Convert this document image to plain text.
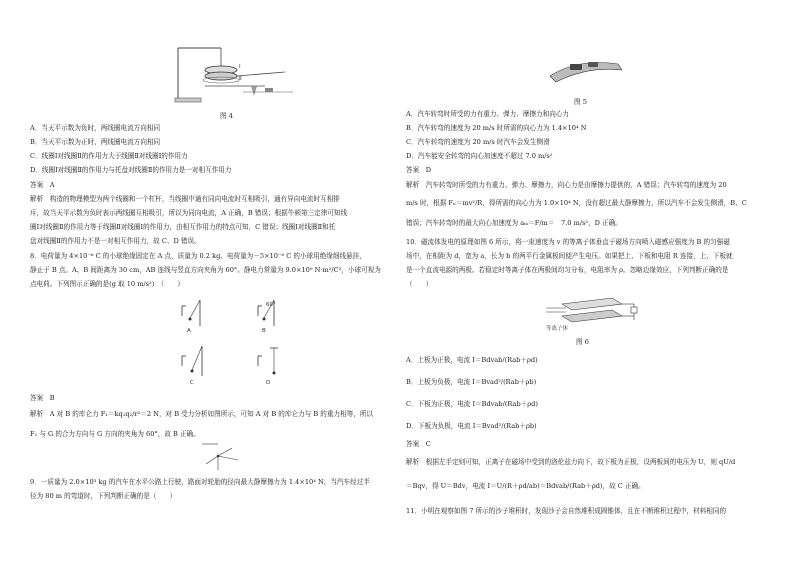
Ⅰ
Ⅱ
图 4
A．当天平示数为负时，两线圈电流方向相同
B．当天平示数为正时，两线圈电流方向相同
C．线圈Ⅰ对线圈Ⅱ的作用力大于线圈Ⅱ对线圈Ⅰ的作用力
D．线圈Ⅰ对线圈Ⅱ的作用力与托盘对线圈Ⅱ的作用力是一对相互作用力
答案　A
解析　构造的物理模型为两个线圈和一个杠杆，当线圈中通有同向电流时互相吸引，通有异向电流时互相排
斥，故当天平示数为负时表示两线圈互相吸引，所以为同向电流，A 正确，B 错误；根据牛顿第三定律可知线
圈Ⅰ对线圈Ⅱ的作用力等于线圈Ⅱ对线圈Ⅰ的作用力，由相互作用力的特点可知，C 错误；线圈Ⅰ对线圈Ⅱ和托
盘对线圈Ⅱ的作用力不是一对相互作用力，故 C、D 错误。
8．电荷量为 4×10⁻⁶ C 的小球绝缘固定在 A 点，质量为 0.2 kg、电荷量为－5×10⁻⁶ C 的小球用绝缘细线悬挂，
静止于 B 点。A、B 间距离为 30 cm，AB 连线与竖直方向夹角为 60°。静电力常量为 9.0×10⁹ N·m²/C²，小球可视为
点电荷。下列图示正确的是(g 取 10 m/s²)　（　　）
A
60°
B
C	D
答案　B
解析　A 对 B 的库仑力 F₁＝kq₁q₂/r²＝2 N，对 B 受力分析如图所示，可知 A 对 B 的库仑力与 B 的重力相等，所以
F₁ 与 G 的合力方向与 G 方向的夹角为 60°，故 B 正确。
9．一质量为 2.0×10³ kg 的汽车在水平公路上行驶，路面对轮胎的径向最大静摩擦力为 1.4×10⁴ N，当汽车经过半
径为 80 m 的弯道时，下列判断正确的是（　　）
图 5
A．汽车转弯时所受的力有重力、弹力、摩擦力和向心力
B．汽车转弯的速度为 20 m/s 时所需的向心力为 1.4×10⁴ N
C．汽车转弯的速度为 20 m/s 时汽车会发生侧滑
D．汽车能安全转弯的向心加速度不超过 7.0 m/s²
答案　D
解析　汽车转弯时所受的力有重力、弹力、摩擦力，向心力是由摩擦力提供的，A 错误；汽车转弯的速度为 20
m/s 时，根据 Fₙ＝mv²/R，得所需的向心力为 1.0×10⁴ N，没有超过最大静摩擦力，所以汽车不会发生侧滑，B、C
错误；汽车转弯时的最大向心加速度为 aₘ＝F/m＝　7.0 m/s²，D 正确。
10．磁流体发电的原理如图 6 所示，将一束速度为 v 的等离子体垂直于磁场方向喷入磁感应强度为 B 的匀强磁
场中，在相距为 d，宽为 a，长为 b 的两平行金属板间便产生电压。如果把上、下板和电阻 R 连接，上、下板就
是一个直流电源的两极。若稳定时等离子体在两极间均匀分布，电阻率为 ρ。忽略边缘效应，下列判断正确的是
（　　）
等离子体
图 6
A．上板为正极，电流 I＝Bdvab/(Rab＋ρd)
B．上板为负极，电流 I＝Bvad²/(Rab＋ρb)
C．下板为正极，电流 I＝Bdvab/(Rab＋ρd)
D．下板为负极，电流 I＝Bvad²/(Rab＋ρb)
答案　C
解析　根据左手定则可知，正离子在磁场中受到的洛伦兹力向下，故下板为正极，设两板间的电压为 U，则 qU/d
＝Bqv，得 U＝Bdv，电流 I＝U/(R＋ρd/ab)＝Bdvab/(Rab＋ρd)，故 C 正确。
11．小明在观察如图 7 所示的沙子堆积时，发现沙子会自然堆积成圆锥体，且在不断堆积过程中，材料相同的
